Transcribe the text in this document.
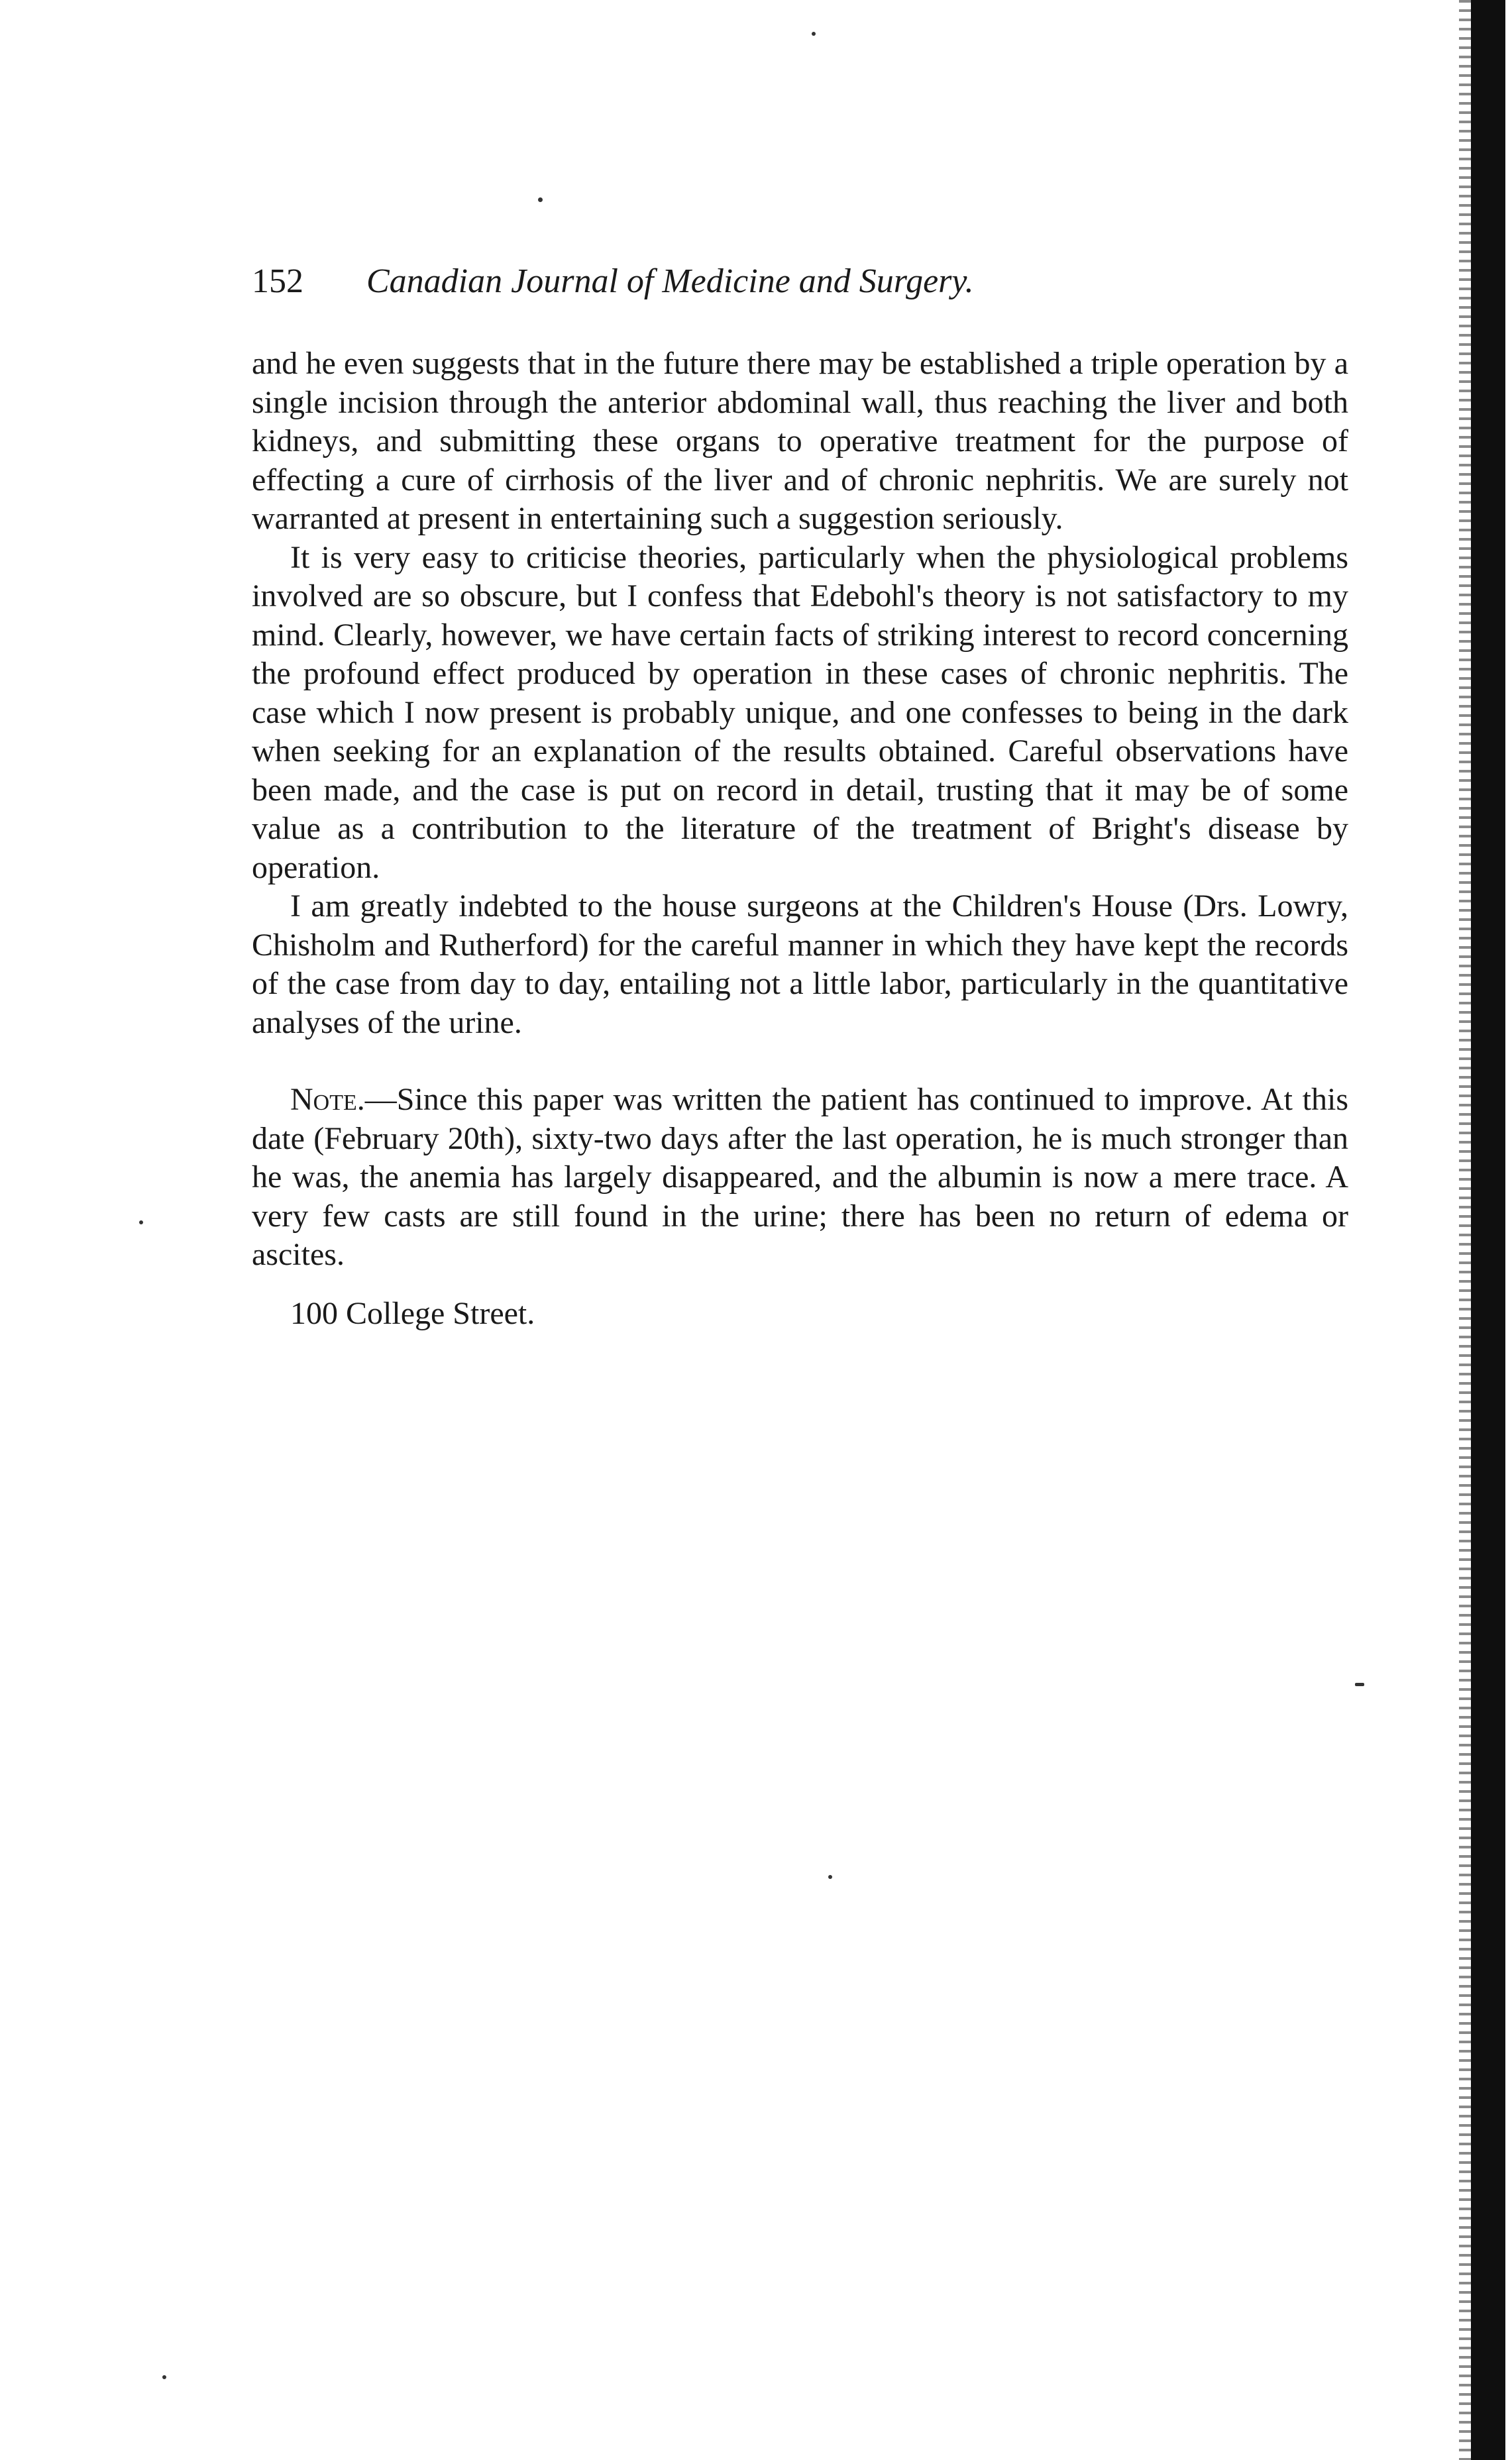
152 Canadian Journal of Medicine and Surgery.

and he even suggests that in the future there may be established a triple operation by a single incision through the anterior abdominal wall, thus reaching the liver and both kidneys, and submitting these organs to operative treatment for the purpose of effecting a cure of cirrhosis of the liver and of chronic nephritis. We are surely not warranted at present in entertaining such a suggestion seriously.

It is very easy to criticise theories, particularly when the physiological problems involved are so obscure, but I confess that Edebohl's theory is not satisfactory to my mind. Clearly, however, we have certain facts of striking interest to record concerning the profound effect produced by operation in these cases of chronic nephritis. The case which I now present is probably unique, and one confesses to being in the dark when seeking for an explanation of the results obtained. Careful observations have been made, and the case is put on record in detail, trusting that it may be of some value as a contribution to the literature of the treatment of Bright's disease by operation.

I am greatly indebted to the house surgeons at the Children's House (Drs. Lowry, Chisholm and Rutherford) for the careful manner in which they have kept the records of the case from day to day, entailing not a little labor, particularly in the quantitative analyses of the urine.

Note.—Since this paper was written the patient has continued to improve. At this date (February 20th), sixty-two days after the last operation, he is much stronger than he was, the anemia has largely disappeared, and the albumin is now a mere trace. A very few casts are still found in the urine; there has been no return of edema or ascites.

100 College Street.
